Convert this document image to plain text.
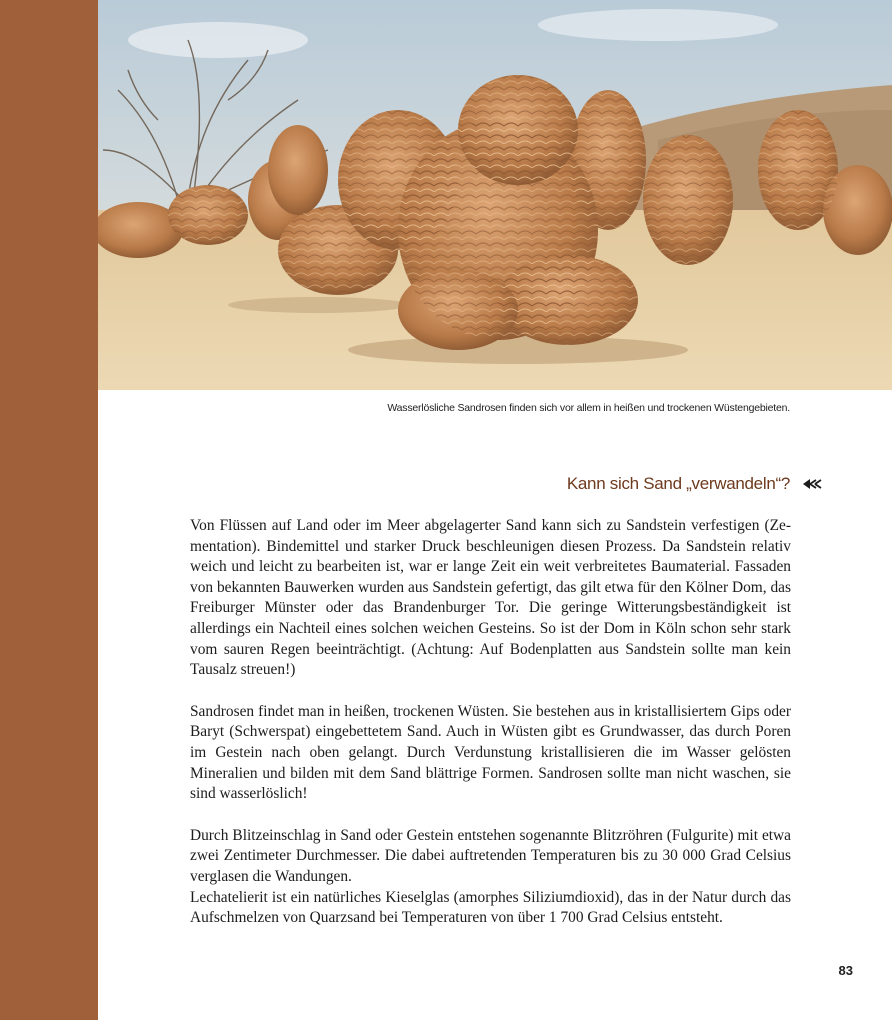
Wasserlösliche Sandrosen finden sich vor allem in heißen und trockenen Wüstengebieten.
Kann sich Sand „verwandeln“?

Von Flüssen auf Land oder im Meer abgelagerter Sand kann sich zu Sandstein verfestigen (Zementation). Bindemittel und starker Druck beschleunigen diesen Prozess. Da Sandstein relativ weich und leicht zu bearbeiten ist, war er lange Zeit ein weit verbreitetes Baumaterial. Fassaden von bekannten Bauwerken wurden aus Sandstein gefertigt, das gilt etwa für den Kölner Dom, das Freiburger Münster oder das Brandenburger Tor. Die geringe Witterungsbeständigkeit ist allerdings ein Nachteil eines solchen weichen Gesteins. So ist der Dom in Köln schon sehr stark vom sauren Regen beeinträchtigt. (Achtung: Auf Bodenplatten aus Sandstein sollte man kein Tausalz streuen!)

Sandrosen findet man in heißen, trockenen Wüsten. Sie bestehen aus in kristallisiertem Gips oder Baryt (Schwerspat) eingebettetem Sand. Auch in Wüsten gibt es Grundwasser, das durch Poren im Gestein nach oben gelangt. Durch Verdunstung kristallisieren die im Wasser gelösten Mineralien und bilden mit dem Sand blättrige Formen. Sandrosen sollte man nicht waschen, sie sind wasserlöslich!

Durch Blitzeinschlag in Sand oder Gestein entstehen sogenannte Blitzröhren (Fulgurite) mit etwa zwei Zentimeter Durchmesser. Die dabei auftretenden Temperaturen bis zu 30 000 Grad Celsius verglasen die Wandungen.

Lechatelierit ist ein natürliches Kieselglas (amorphes Siliziumdioxid), das in der Natur durch das Aufschmelzen von Quarzsand bei Temperaturen von über 1 700 Grad Celsius entsteht.

83
